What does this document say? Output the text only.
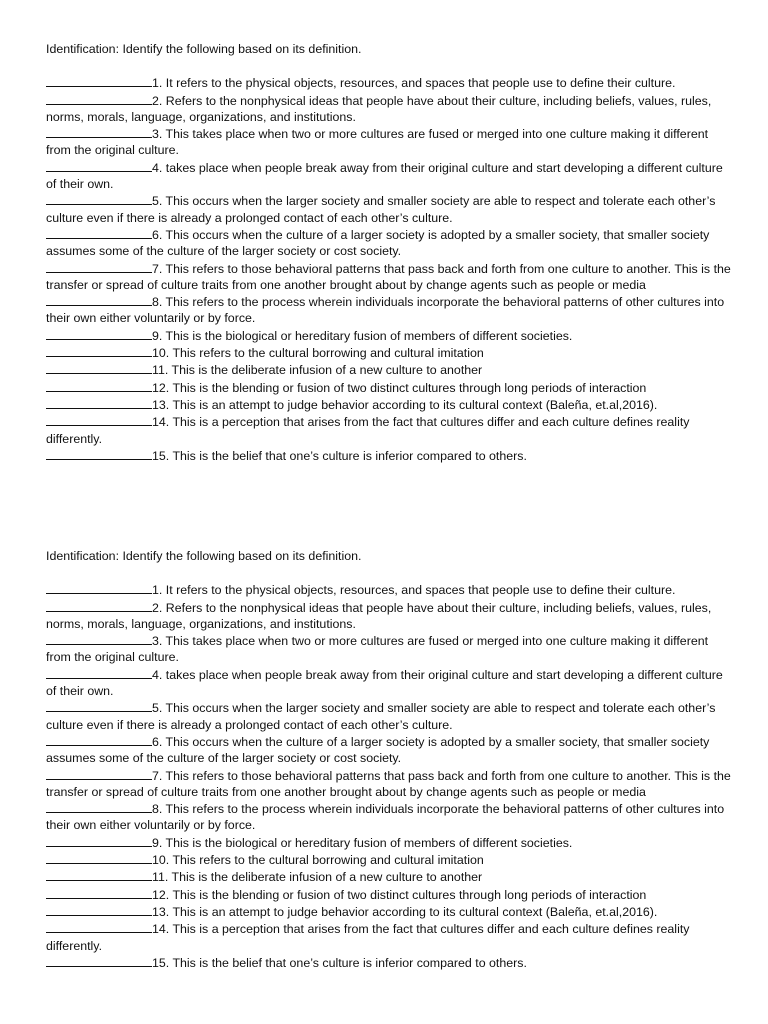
Identification: Identify the following based on its definition.

1. It refers to the physical objects, resources, and spaces that people use to define their culture.

2. Refers to the nonphysical ideas that people have about their culture, including beliefs, values, rules, norms, morals, language, organizations, and institutions.

3. This takes place when two or more cultures are fused or merged into one culture making it different from the original culture.

4. takes place when people break away from their original culture and start developing a different culture of their own.

5. This occurs when the larger society and smaller society are able to respect and tolerate each other’s culture even if there is already a prolonged contact of each other’s culture.

6. This occurs when the culture of a larger society is adopted by a smaller society, that smaller society assumes some of the culture of the larger society or cost society.

7. This refers to those behavioral patterns that pass back and forth from one culture to another. This is the transfer or spread of culture traits from one another brought about by change agents such as people or media

8. This refers to the process wherein individuals incorporate the behavioral patterns of other cultures into their own either voluntarily or by force.

9. This is the biological or hereditary fusion of members of different societies.

10. This refers to the cultural borrowing and cultural imitation

11. This is the deliberate infusion of a new culture to another

12. This is the blending or fusion of two distinct cultures through long periods of interaction

13. This is an attempt to judge behavior according to its cultural context (Baleña, et.al,2016).

14. This is a perception that arises from the fact that cultures differ and each culture defines reality differently.

15. This is the belief that one’s culture is inferior compared to others.

Identification: Identify the following based on its definition.

1. It refers to the physical objects, resources, and spaces that people use to define their culture.

2. Refers to the nonphysical ideas that people have about their culture, including beliefs, values, rules, norms, morals, language, organizations, and institutions.

3. This takes place when two or more cultures are fused or merged into one culture making it different from the original culture.

4. takes place when people break away from their original culture and start developing a different culture of their own.

5. This occurs when the larger society and smaller society are able to respect and tolerate each other’s culture even if there is already a prolonged contact of each other’s culture.

6. This occurs when the culture of a larger society is adopted by a smaller society, that smaller society assumes some of the culture of the larger society or cost society.

7. This refers to those behavioral patterns that pass back and forth from one culture to another. This is the transfer or spread of culture traits from one another brought about by change agents such as people or media

8. This refers to the process wherein individuals incorporate the behavioral patterns of other cultures into their own either voluntarily or by force.

9. This is the biological or hereditary fusion of members of different societies.

10. This refers to the cultural borrowing and cultural imitation

11. This is the deliberate infusion of a new culture to another

12. This is the blending or fusion of two distinct cultures through long periods of interaction

13. This is an attempt to judge behavior according to its cultural context (Baleña, et.al,2016).

14. This is a perception that arises from the fact that cultures differ and each culture defines reality differently.

15. This is the belief that one’s culture is inferior compared to others.
